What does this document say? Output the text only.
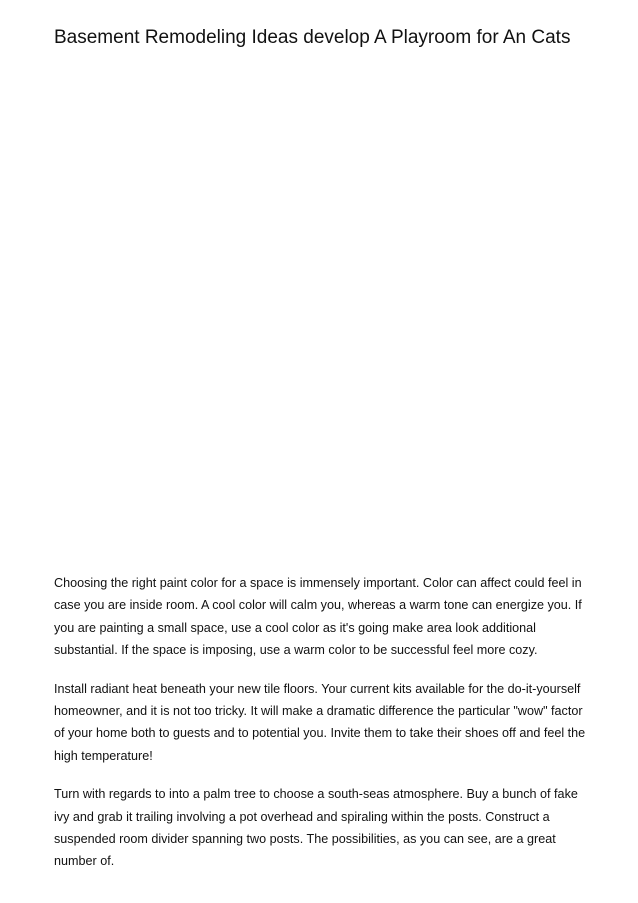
Basement Remodeling Ideas develop A Playroom for An Cats

Choosing the right paint color for a space is immensely important. Color can affect could feel in case you are inside room. A cool color will calm you, whereas a warm tone can energize you. If you are painting a small space, use a cool color as it's going make area look additional substantial. If the space is imposing, use a warm color to be successful feel more cozy.

Install radiant heat beneath your new tile floors. Your current kits available for the do-it-yourself homeowner, and it is not too tricky. It will make a dramatic difference the particular "wow" factor of your home both to guests and to potential you. Invite them to take their shoes off and feel the high temperature!

Turn with regards to into a palm tree to choose a south-seas atmosphere. Buy a bunch of fake ivy and grab it trailing involving a pot overhead and spiraling within the posts. Construct a suspended room divider spanning two posts. The possibilities, as you can see, are a great number of.
